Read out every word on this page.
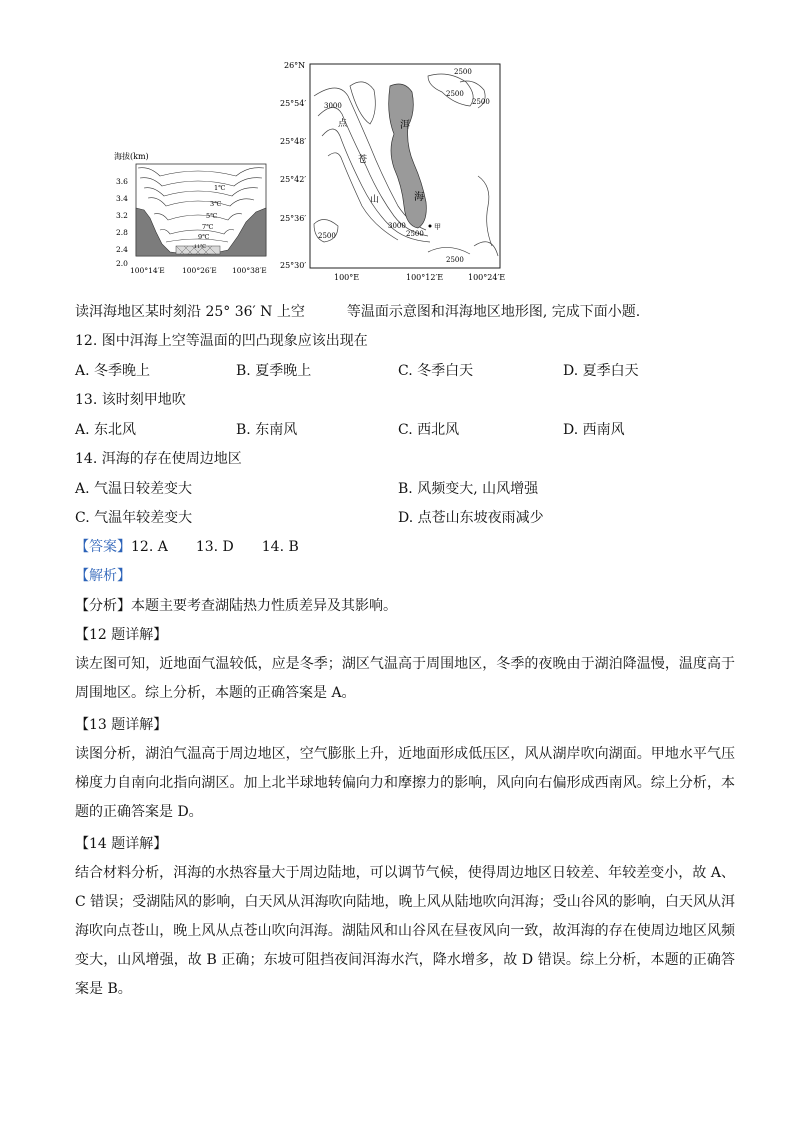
海拔(km)
1℃
3℃
5℃
7℃
9℃
11℃
3.6
3.4
3.2
2.8
2.4
2.0
100°14′E 100°26′E 100°38′E
26°N
25°54′
25°48′
25°42′
25°36′
25°30′
100°E	100°12′E	100°24′E
2500
2500
2500
3000
3000
2500
2500
2500
洱
海
点
苍
山
甲
读洱海地区某时刻沿 25° 36′ N 上空　　　等温面示意图和洱海地区地形图, 完成下面小题.
12. 图中洱海上空等温面的凹凸现象应该出现在
A. 冬季晚上	B. 夏季晚上	C. 冬季白天	D. 夏季白天
13. 该时刻甲地吹
A. 东北风	B. 东南风	C. 西北风	D. 西南风
14. 洱海的存在使周边地区
A. 气温日较差变大	B. 风频变大, 山风增强
C. 气温年较差变大	D. 点苍山东坡夜雨减少
【答案】12. A　　13. D　　14. B
【解析】
【分析】本题主要考查湖陆热力性质差异及其影响。
【12 题详解】
读左图可知，近地面气温较低，应是冬季；湖区气温高于周围地区，冬季的夜晚由于湖泊降温慢，温度高于周围地区。综上分析，本题的正确答案是 A。
【13 题详解】
读图分析，湖泊气温高于周边地区，空气膨胀上升，近地面形成低压区，风从湖岸吹向湖面。甲地水平气压梯度力自南向北指向湖区。加上北半球地转偏向力和摩擦力的影响，风向向右偏形成西南风。综上分析，本题的正确答案是 D。
【14 题详解】
结合材料分析，洱海的水热容量大于周边陆地，可以调节气候，使得周边地区日较差、年较差变小，故 A、C 错误；受湖陆风的影响，白天风从洱海吹向陆地，晚上风从陆地吹向洱海；受山谷风的影响，白天风从洱海吹向点苍山，晚上风从点苍山吹向洱海。湖陆风和山谷风在昼夜风向一致，故洱海的存在使周边地区风频变大，山风增强，故 B 正确；东坡可阻挡夜间洱海水汽，降水增多，故 D 错误。综上分析，本题的正确答案是 B。
